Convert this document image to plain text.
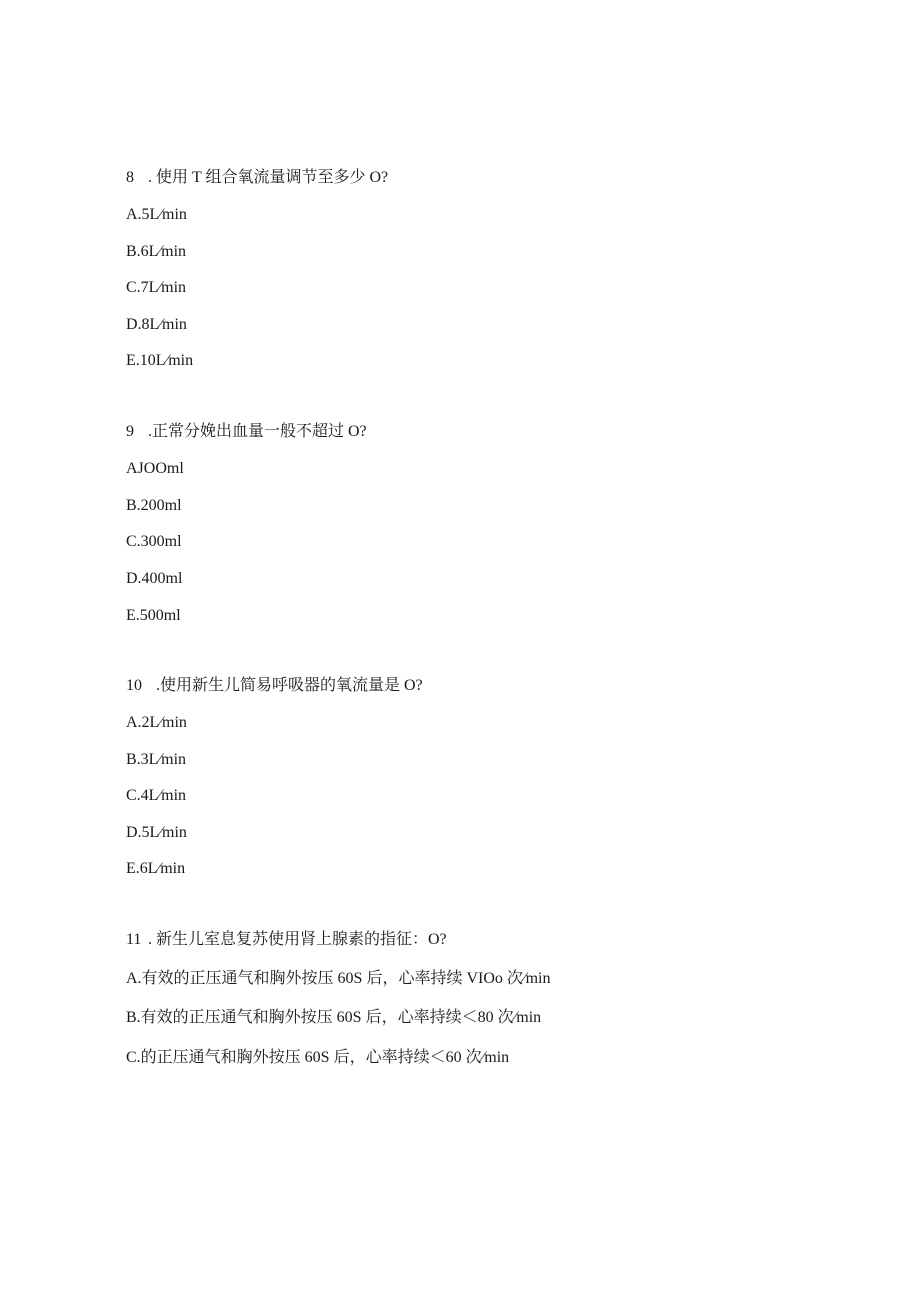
8 . 使用 T 组合氧流量调节至多少 O?
A.5L∕min
B.6L∕min
C.7L∕min
D.8L∕min
E.10L∕min
9 .正常分娩出血量一般不超过 O?
AJOOml
B.200ml
C.300ml
D.400ml
E.500ml
10 .使用新生儿简易呼吸器的氧流量是 O?
A.2L∕min
B.3L∕min
C.4L∕min
D.5L∕min
E.6L∕min
11 . 新生儿室息复苏使用肾上腺素的指征：O?
A.有效的正压通气和胸外按压 60S 后，心率持续 VIOo 次∕min
B.有效的正压通气和胸外按压 60S 后，心率持续＜80 次∕min
C.的正压通气和胸外按压 60S 后，心率持续＜60 次∕min
